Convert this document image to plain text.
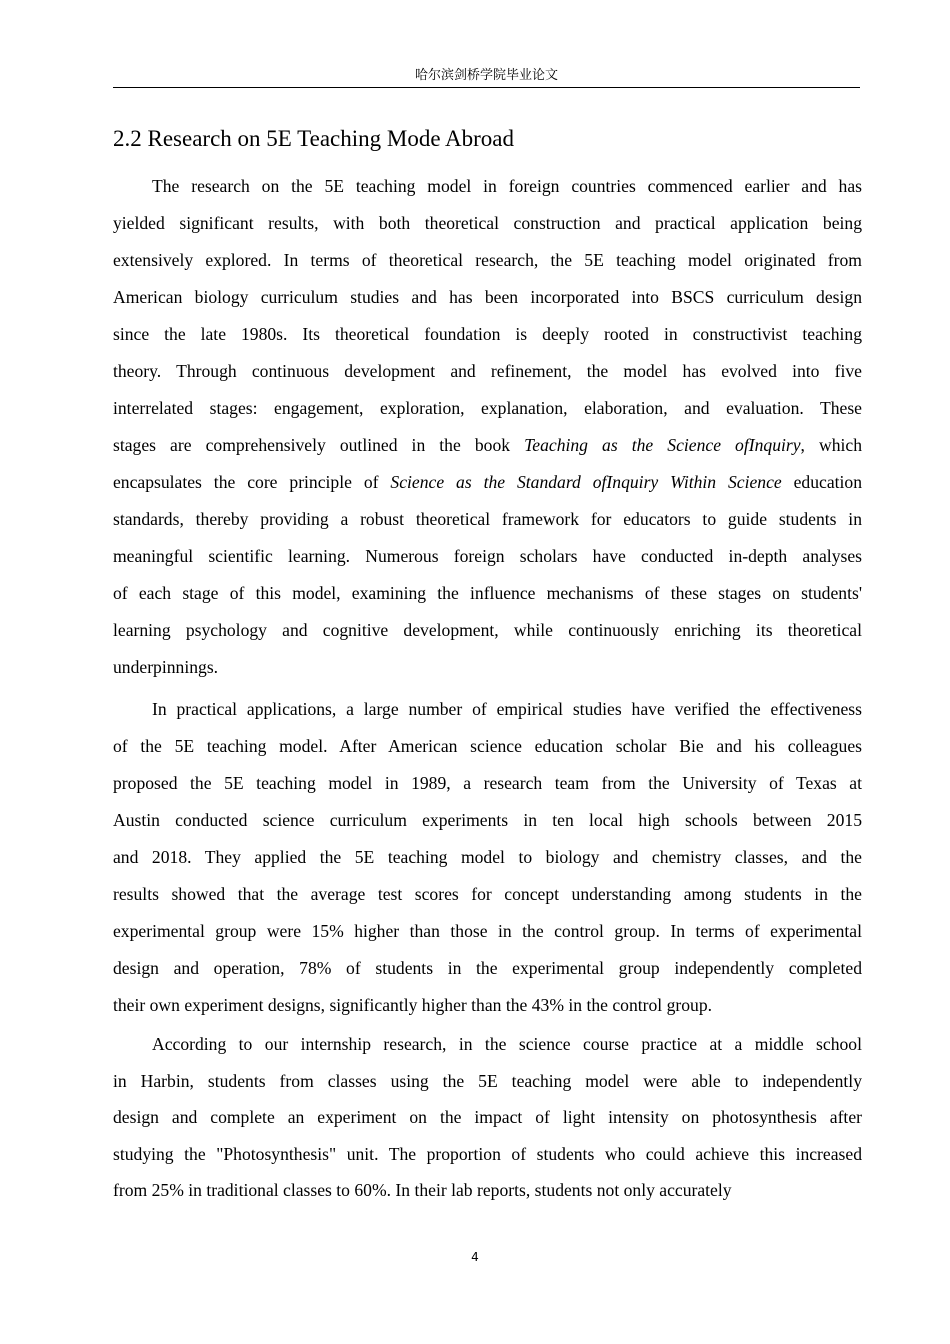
哈尔滨剑桥学院毕业论文
2.2 Research on 5E Teaching Mode Abroad
The research on the 5E teaching model in foreign countries commenced earlier and has
yielded significant results, with both theoretical construction and practical application being
extensively explored. In terms of theoretical research, the 5E teaching model originated from
American biology curriculum studies and has been incorporated into BSCS curriculum design
since the late 1980s. Its theoretical foundation is deeply rooted in constructivist teaching
theory. Through continuous development and refinement, the model has evolved into five
interrelated stages: engagement, exploration, explanation, elaboration, and evaluation. These
stages are comprehensively outlined in the book Teaching as the Science ofInquiry, which
encapsulates the core principle of Science as the Standard ofInquiry Within Science education
standards, thereby providing a robust theoretical framework for educators to guide students in
meaningful scientific learning. Numerous foreign scholars have conducted in-depth analyses
of each stage of this model, examining the influence mechanisms of these stages on students'
learning psychology and cognitive development, while continuously enriching its theoretical
underpinnings.
In practical applications, a large number of empirical studies have verified the effectiveness
of the 5E teaching model. After American science education scholar Bie and his colleagues
proposed the 5E teaching model in 1989, a research team from the University of Texas at
Austin conducted science curriculum experiments in ten local high schools between 2015
and 2018. They applied the 5E teaching model to biology and chemistry classes, and the
results showed that the average test scores for concept understanding among students in the
experimental group were 15% higher than those in the control group. In terms of experimental
design and operation, 78% of students in the experimental group independently completed
their own experiment designs, significantly higher than the 43% in the control group.
According to our internship research, in the science course practice at a middle school
in Harbin, students from classes using the 5E teaching model were able to independently
design and complete an experiment on the impact of light intensity on photosynthesis after
studying the "Photosynthesis" unit. The proportion of students who could achieve this increased
from 25% in traditional classes to 60%. In their lab reports, students not only accurately
4
